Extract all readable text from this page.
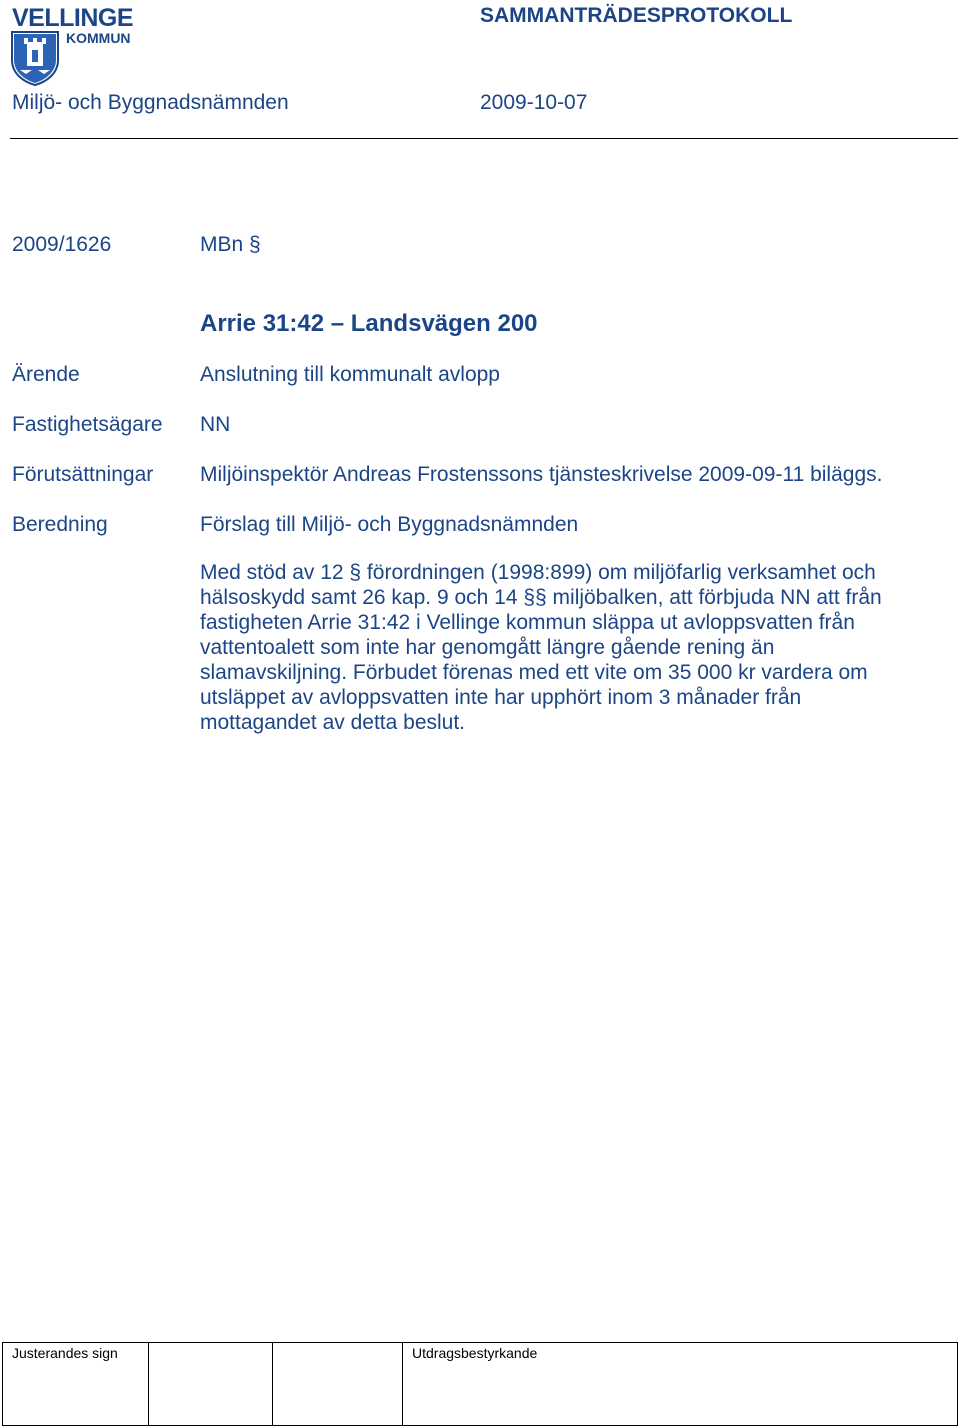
VELLINGE
KOMMUN
SAMMANTRÄDESPROTOKOLL
Miljö- och Byggnadsnämnden	2009-10-07
2009/1626	MBn §
Arrie 31:42 – Landsvägen 200
Ärende	Anslutning till kommunalt avlopp
Fastighetsägare NN
Förutsättningar Miljöinspektör Andreas Frostenssons tjänsteskrivelse 2009-09-11 biläggs.
Beredning	Förslag till Miljö- och Byggnadsnämnden
Med stöd av 12 § förordningen (1998:899) om miljöfarlig verksamhet och hälsoskydd samt 26 kap. 9 och 14 §§ miljöbalken, att förbjuda NN att från fastigheten Arrie 31:42 i Vellinge kommun släppa ut avloppsvatten från vattentoalett som inte har genomgått längre gående rening än slamavskiljning. Förbudet förenas med ett vite om 35 000 kr vardera om utsläppet av avloppsvatten inte har upphört inom 3 månader från mottagandet av detta beslut.
Justerandes sign	Utdragsbestyrkande
